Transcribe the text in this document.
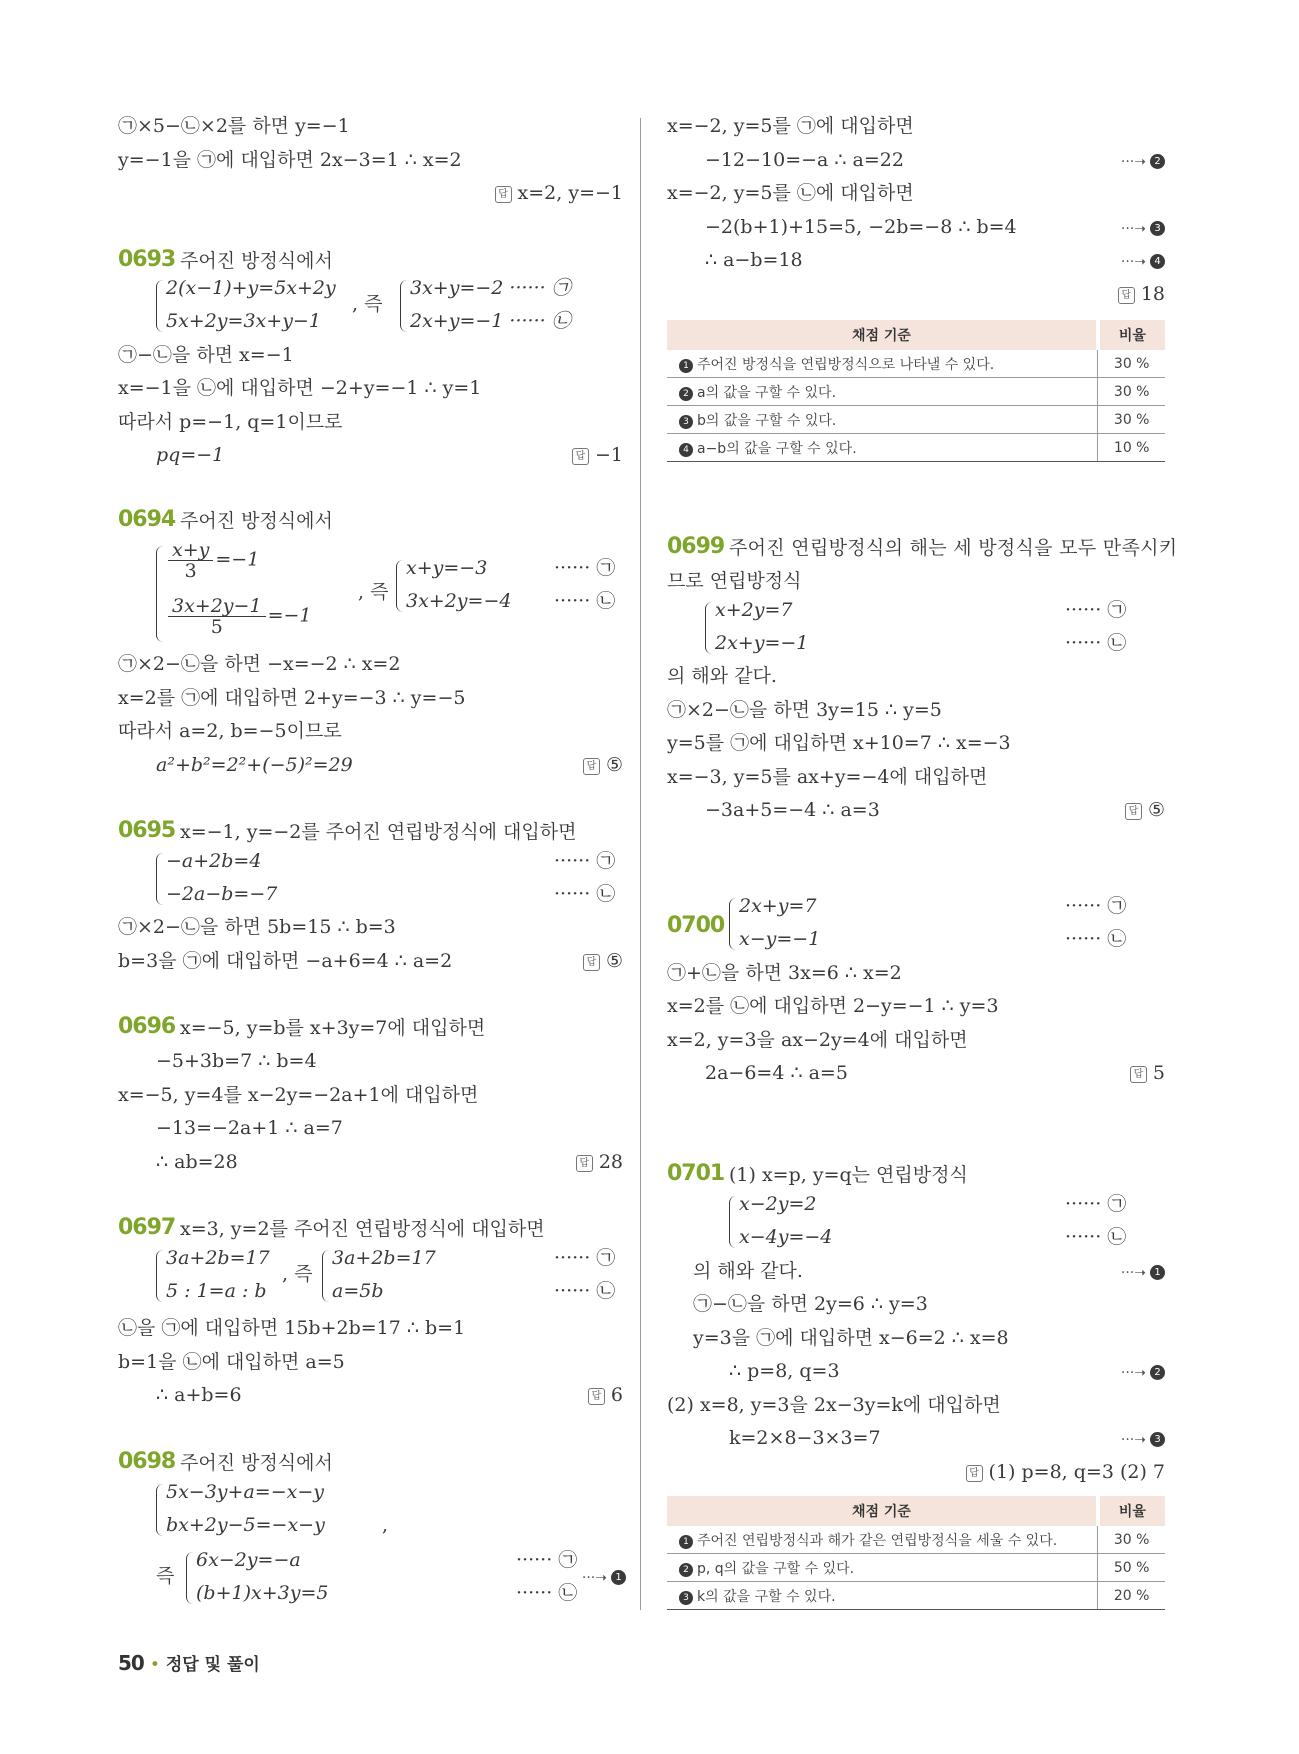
㉠×5−㉡×2를 하면 y=−1
y=−1을 ㉠에 대입하면 2x−3=1 ∴ x=2
답 x=2, y=−1
0693 주어진 방정식에서
2(x−1)+y=5x+2y
5x+2y=3x+y−1
, 즉
3x+y=−2 ······ ㉠
2x+y=−1 ······ ㉡
㉠−㉡을 하면 x=−1
x=−1을 ㉡에 대입하면 −2+y=−1 ∴ y=1
따라서 p=−1, q=1이므로
pq=−1	답 −1
0694 주어진 방정식에서
$\frac{x+y}{3} =-1$
$\frac{3x+2y-1}{5} =-1$
, 즉
x+y=−3
3x+2y=−4
······ ㉠
······ ㉡
㉠×2−㉡을 하면 −x=−2 ∴ x=2
x=2를 ㉠에 대입하면 2+y=−3 ∴ y=−5
따라서 a=2, b=−5이므로
a²+b²=2²+(−5)²=29	답 ⑤
0695 x=−1, y=−2를 주어진 연립방정식에 대입하면
−a+2b=4
−2a−b=−7
······ ㉠
······ ㉡
㉠×2−㉡을 하면 5b=15 ∴ b=3
b=3을 ㉠에 대입하면 −a+6=4 ∴ a=2	답 ⑤
0696 x=−5, y=b를 x+3y=7에 대입하면
−5+3b=7 ∴ b=4
x=−5, y=4를 x−2y=−2a+1에 대입하면
−13=−2a+1 ∴ a=7
∴ ab=28	답 28
0697 x=3, y=2를 주어진 연립방정식에 대입하면
3a+2b=17
5 : 1=a : b
, 즉
3a+2b=17
a=5b
······ ㉠
······ ㉡
㉡을 ㉠에 대입하면 15b+2b=17 ∴ b=1
b=1을 ㉡에 대입하면 a=5
∴ a+b=6	답 6
0698 주어진 방정식에서
5x−3y+a=−x−y
bx+2y−5=−x−y	,
즉
6x−2y=−a
(b+1)x+3y=5
······ ㉠
······ ㉡
···➝ 1
x=−2, y=5를 ㉠에 대입하면
−12−10=−a ∴ a=22	···➝ 2
x=−2, y=5를 ㉡에 대입하면
−2(b+1)+15=5, −2b=−8 ∴ b=4	···➝ 3
∴ a−b=18	···➝ 4
답 18
채점 기준	비율
1 주어진 방정식을 연립방정식으로 나타낼 수 있다.	30 %
2 a의 값을 구할 수 있다.	30 %
3 b의 값을 구할 수 있다.	30 %
4 a−b의 값을 구할 수 있다.	10 %
0699 주어진 연립방정식의 해는 세 방정식을 모두 만족시키
므로 연립방정식
x+2y=7
2x+y=−1
······ ㉠
······ ㉡
의 해와 같다.
㉠×2−㉡을 하면 3y=15 ∴ y=5
y=5를 ㉠에 대입하면 x+10=7 ∴ x=−3
x=−3, y=5를 ax+y=−4에 대입하면
−3a+5=−4 ∴ a=3	답 ⑤
0700
2x+y=7
x−y=−1
······ ㉠
······ ㉡
㉠+㉡을 하면 3x=6 ∴ x=2
x=2를 ㉡에 대입하면 2−y=−1 ∴ y=3
x=2, y=3을 ax−2y=4에 대입하면
2a−6=4 ∴ a=5	답 5
0701 (1) x=p, y=q는 연립방정식
x−2y=2
x−4y=−4
······ ㉠
······ ㉡
의 해와 같다.	···➝ 1
㉠−㉡을 하면 2y=6 ∴ y=3
y=3을 ㉠에 대입하면 x−6=2 ∴ x=8
∴ p=8, q=3	···➝ 2
(2) x=8, y=3을 2x−3y=k에 대입하면
k=2×8−3×3=7	···➝ 3
답 (1) p=8, q=3 (2) 7
채점 기준	비율
1 주어진 연립방정식과 해가 같은 연립방정식을 세울 수 있다.	30 %
2 p, q의 값을 구할 수 있다.	50 %
3 k의 값을 구할 수 있다.	20 %
50 • 정답 및 풀이
